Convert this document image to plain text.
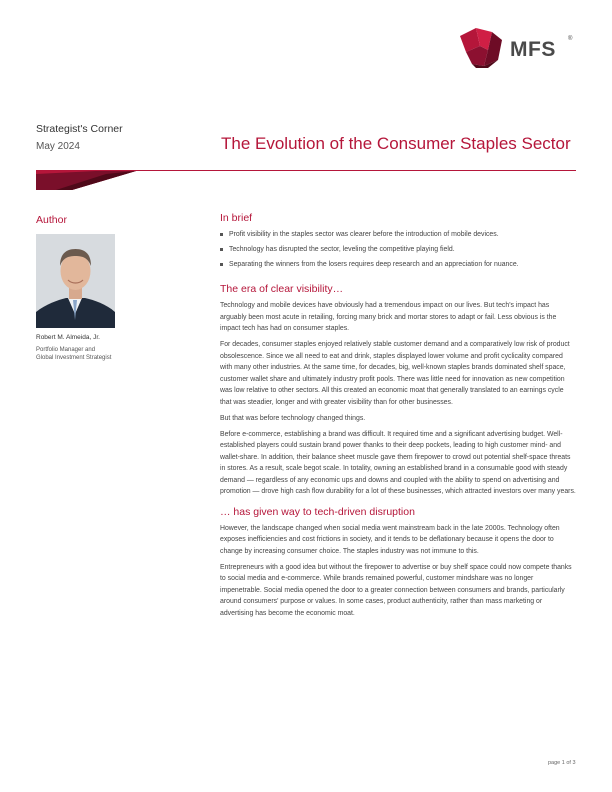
MFS ®
Strategist's Corner
May 2024	The Evolution of the Consumer Staples Sector
Author
Robert M. Almeida, Jr.
Portfolio Manager and
Global Investment Strategist
In brief
Profit visibility in the staples sector was clearer before the introduction of mobile devices.
Technology has disrupted the sector, leveling the competitive playing field.
Separating the winners from the losers requires deep research and an appreciation for nuance.
The era of clear visibility…

Technology and mobile devices have obviously had a tremendous impact on our lives. But tech's impact has arguably been most acute in retailing, forcing many brick and mortar stores to adapt or fail. Less obvious is the impact tech has had on consumer staples.

For decades, consumer staples enjoyed relatively stable customer demand and a comparatively low risk of product obsolescence. Since we all need to eat and drink, staples displayed lower volume and profit cyclicality compared with many other industries. At the same time, for decades, big, well-known staples brands dominated shelf space, customer wallet share and ultimately industry profit pools. There was little need for innovation as new competition was low relative to other sectors. All this created an economic moat that generally translated to an earnings cycle that was steadier, longer and with greater visibility than for other businesses.

But that was before technology changed things.

Before e-commerce, establishing a brand was difficult. It required time and a significant advertising budget. Well-established players could sustain brand power thanks to their deep pockets, leading to high customer mind- and wallet-share. In addition, their balance sheet muscle gave them firepower to crowd out potential shelf-space threats in stores. As a result, scale begot scale. In totality, owning an established brand in a consumable good with steady demand — regardless of any economic ups and downs and coupled with the ability to spend on advertising and promotion — drove high cash flow durability for a lot of these businesses, which attracted investors over many years.

… has given way to tech-driven disruption

However, the landscape changed when social media went mainstream back in the late 2000s. Technology often exposes inefficiencies and cost frictions in society, and it tends to be deflationary because it opens the door to change by increasing consumer choice. The staples industry was not immune to this.

Entrepreneurs with a good idea but without the firepower to advertise or buy shelf space could now compete thanks to social media and e-commerce. While brands remained powerful, customer mindshare was no longer impenetrable. Social media opened the door to a greater connection between consumers and brands, particularly around consumers' purpose or values. In some cases, product authenticity, rather than mass marketing or advertising has become the economic moat.

page 1 of 3
